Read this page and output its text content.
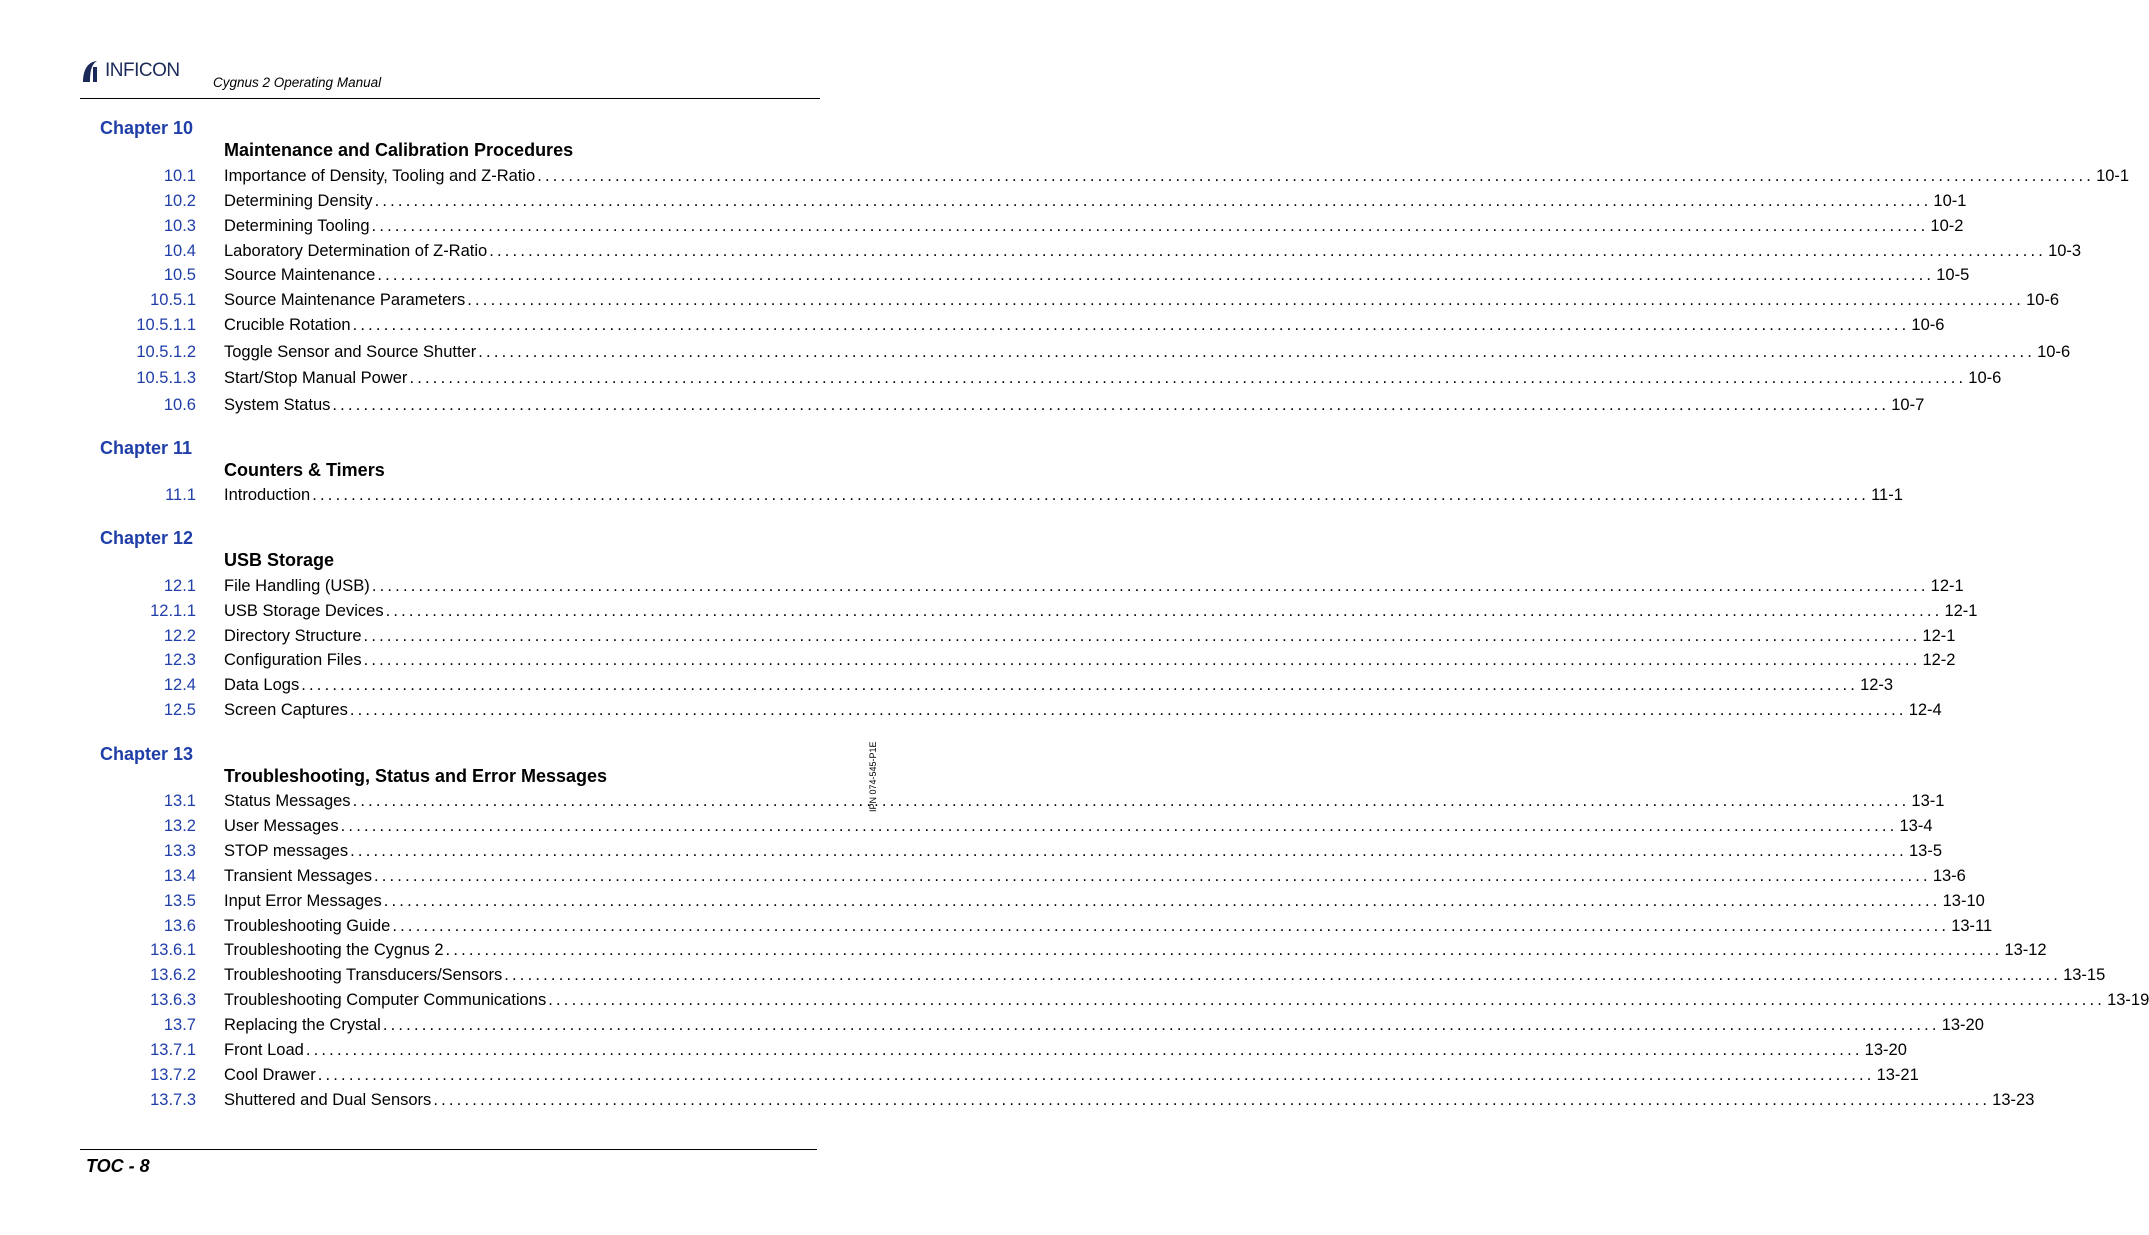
INFICON
Cygnus 2 Operating Manual
Chapter 10
Maintenance and Calibration Procedures
10.1 Importance of Density, Tooling and Z-Ratio ........................................................................................................................................................................................................ 10-1
10.2 Determining Density ........................................................................................................................................................................................................ 10-1
10.3 Determining Tooling ........................................................................................................................................................................................................ 10-2
10.4 Laboratory Determination of Z-Ratio ........................................................................................................................................................................................................ 10-3
10.5 Source Maintenance ........................................................................................................................................................................................................ 10-5
10.5.1 Source Maintenance Parameters ........................................................................................................................................................................................................ 10-6
10.5.1.1 Crucible Rotation ........................................................................................................................................................................................................ 10-6
10.5.1.2 Toggle Sensor and Source Shutter ........................................................................................................................................................................................................ 10-6
10.5.1.3 Start/Stop Manual Power ........................................................................................................................................................................................................ 10-6
10.6 System Status ........................................................................................................................................................................................................ 10-7
Chapter 11
Counters & Timers
11.1 Introduction ........................................................................................................................................................................................................ 11-1
Chapter 12
USB Storage
12.1 File Handling (USB) ........................................................................................................................................................................................................ 12-1
12.1.1 USB Storage Devices ........................................................................................................................................................................................................ 12-1
12.2 Directory Structure ........................................................................................................................................................................................................ 12-1
12.3 Configuration Files ........................................................................................................................................................................................................ 12-2
12.4 Data Logs ........................................................................................................................................................................................................ 12-3
12.5 Screen Captures ........................................................................................................................................................................................................ 12-4
Chapter 13
Troubleshooting, Status and Error Messages
13.1 Status Messages ........................................................................................................................................................................................................ 13-1
13.2 User Messages ........................................................................................................................................................................................................ 13-4
13.3 STOP messages ........................................................................................................................................................................................................ 13-5
13.4 Transient Messages ........................................................................................................................................................................................................ 13-6
13.5 Input Error Messages ........................................................................................................................................................................................................ 13-10
13.6 Troubleshooting Guide ........................................................................................................................................................................................................ 13-11
13.6.1 Troubleshooting the Cygnus 2 ........................................................................................................................................................................................................ 13-12
13.6.2 Troubleshooting Transducers/Sensors ........................................................................................................................................................................................................ 13-15
13.6.3 Troubleshooting Computer Communications ........................................................................................................................................................................................................ 13-19
13.7 Replacing the Crystal ........................................................................................................................................................................................................ 13-20
13.7.1 Front Load ........................................................................................................................................................................................................ 13-20
13.7.2 Cool Drawer ........................................................................................................................................................................................................ 13-21
13.7.3 Shuttered and Dual Sensors ........................................................................................................................................................................................................ 13-23
IPN 074-545-P1E
TOC - 8
